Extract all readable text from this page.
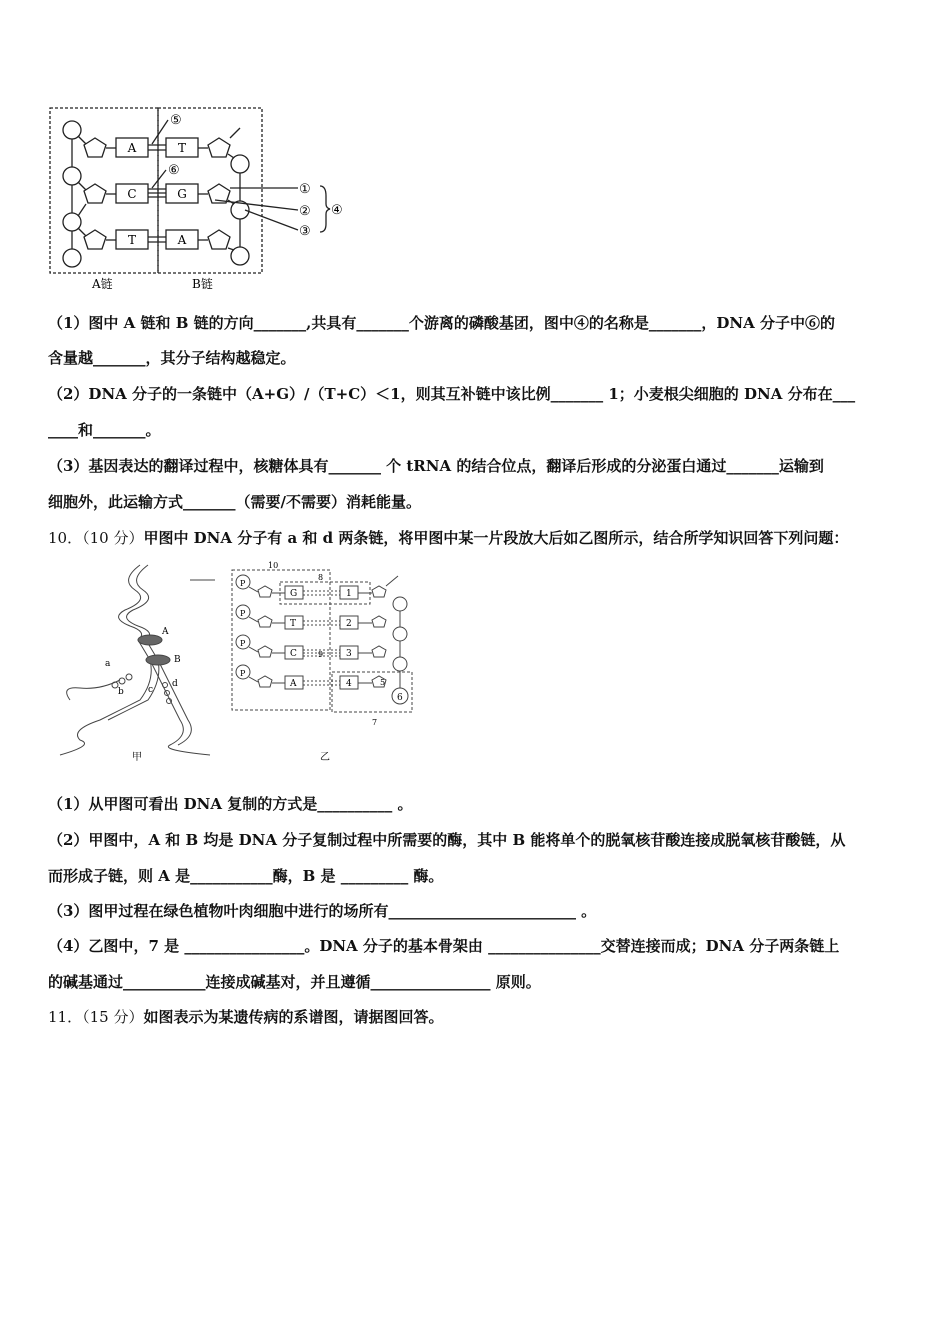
A
C
T
T
G
A
⑤
⑥
①
②
③
④
A链	B链
（1）图中 A 链和 B 链的方向_______,共具有_______个游离的磷酸基团，图中④的名称是_______，DNA 分子中⑥的
含量越_______，其分子结构越稳定。
（2）DNA 分子的一条链中（A+G）/（T+C）＜1，则其互补链中该比例_______ 1；小麦根尖细胞的 DNA 分布在___
____和_______。
（3）基因表达的翻译过程中，核糖体具有_______ 个 tRNA 的结合位点，翻译后形成的分泌蛋白通过_______运输到
细胞外，此运输方式_______（需要/不需要）消耗能量。
10．（10 分）甲图中 DNA 分子有 a 和 d 两条链，将甲图中某一片段放大后如乙图所示，结合所学知识回答下列问题：
A
B
a
b	c
d
P
P
P
P
G
T
C
A
1
2
3
4
10
8
9
5
6
7
甲	乙
（1）从甲图可看出 DNA 复制的方式是__________ 。
（2）甲图中，A 和 B 均是 DNA 分子复制过程中所需要的酶，其中 B 能将单个的脱氧核苷酸连接成脱氧核苷酸链，从
而形成子链，则 A 是___________酶，B 是 _________ 酶。
（3）图甲过程在绿色植物叶肉细胞中进行的场所有_________________________ 。
（4）乙图中，7 是 ________________。DNA 分子的基本骨架由 _______________交替连接而成；DNA 分子两条链上
的碱基通过___________连接成碱基对，并且遵循________________ 原则。
11．（15 分）如图表示为某遗传病的系谱图，请据图回答。
